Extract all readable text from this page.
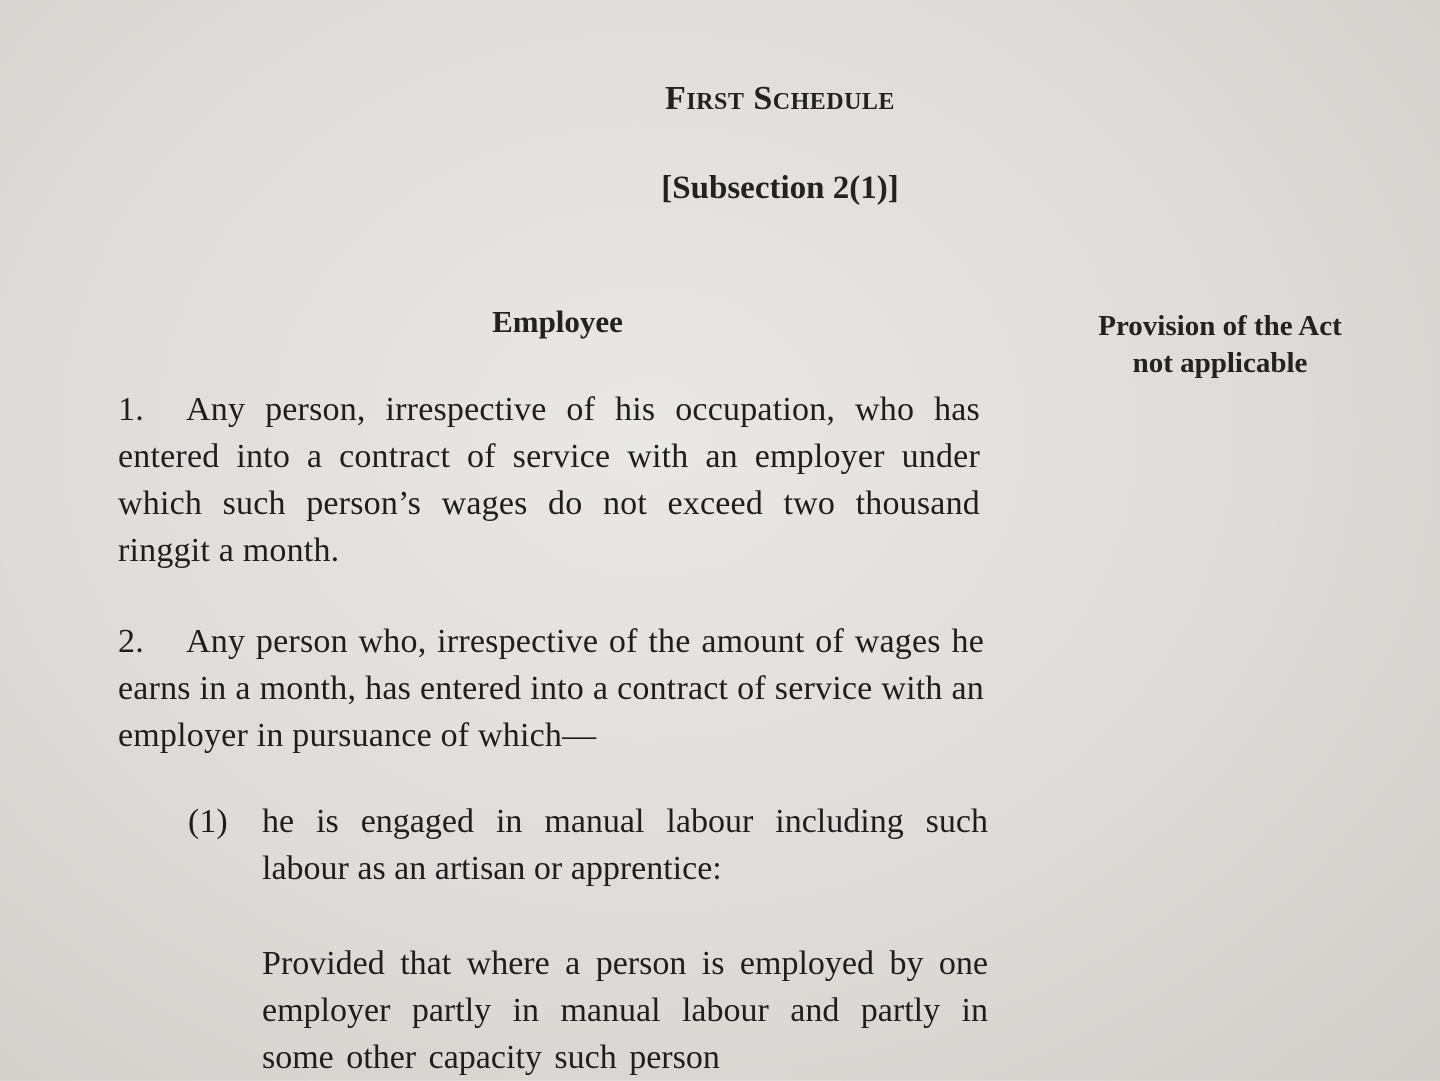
First Schedule
[Subsection 2(1)]
Employee	Provision of the Act
not applicable
1. Any person, irrespective of his occupation, who has entered into a contract of service with an employer under which such person’s wages do not exceed two thousand ringgit a month.
2. Any person who, irrespective of the amount of wages he earns in a month, has entered into a contract of service with an employer in pursuance of which—
(1)	he is engaged in manual labour including such labour as an artisan or apprentice:
Provided that where a person is employed by one employer partly in manual labour and partly in some other capacity such person
